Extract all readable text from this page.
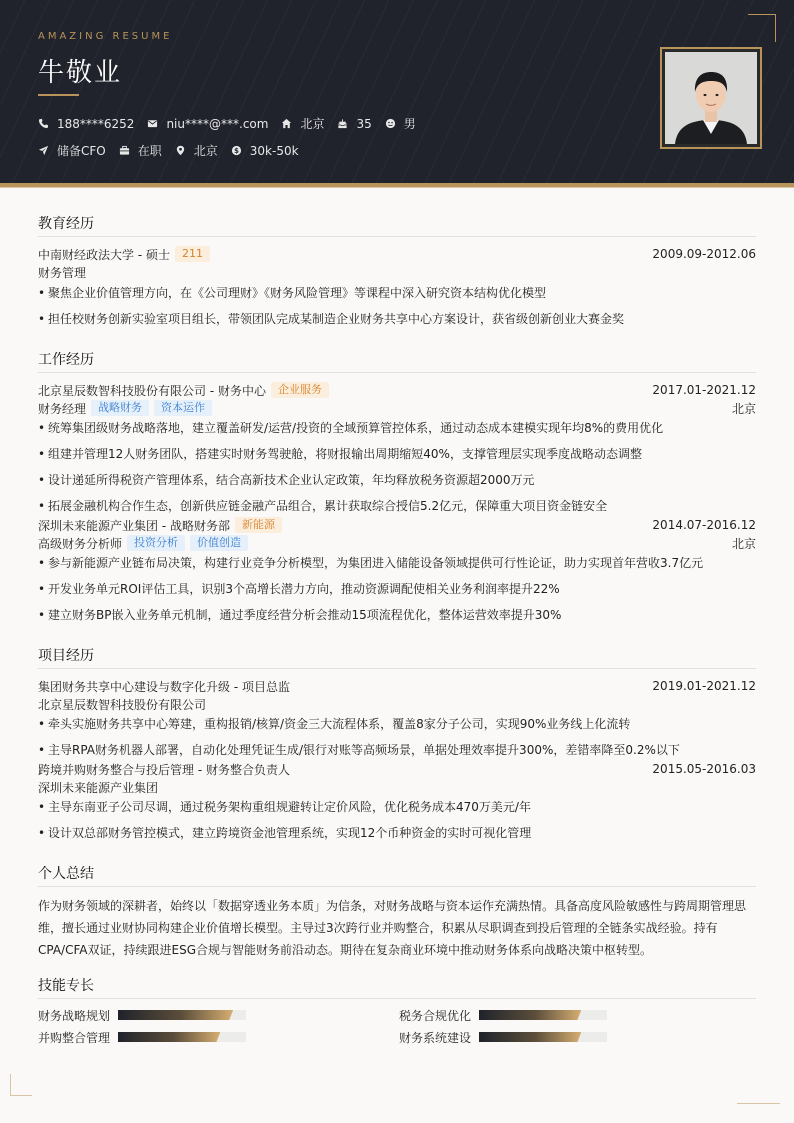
AMAZING RESUME
牛敬业
188****6252	niu****@***.com	北京	35	男
储备CFO	在职	北京 $ 30k-50k
教育经历
中南财经政法大学 - 硕士	211	2009.09-2012.06
财务管理
• 聚焦企业价值管理方向，在《公司理财》《财务风险管理》等课程中深入研究资本结构优化模型
• 担任校财务创新实验室项目组长，带领团队完成某制造企业财务共享中心方案设计，获省级创新创业大赛金奖
工作经历
北京星辰数智科技股份有限公司 - 财务中心	企业服务	2017.01-2021.12
财务经理	战略财务	资本运作	北京
• 统筹集团级财务战略落地，建立覆盖研发/运营/投资的全域预算管控体系，通过动态成本建模实现年均8%的费用优化
• 组建并管理12人财务团队，搭建实时财务驾驶舱，将财报输出周期缩短40%，支撑管理层实现季度战略动态调整
• 设计递延所得税资产管理体系，结合高新技术企业认定政策，年均释放税务资源超2000万元
• 拓展金融机构合作生态，创新供应链金融产品组合，累计获取综合授信5.2亿元，保障重大项目资金链安全
深圳未来能源产业集团 - 战略财务部	新能源	2014.07-2016.12
高级财务分析师	投资分析	价值创造	北京
• 参与新能源产业链布局决策，构建行业竞争分析模型，为集团进入储能设备领域提供可行性论证，助力实现首年营收3.7亿元
• 开发业务单元ROI评估工具，识别3个高增长潜力方向，推动资源调配使相关业务利润率提升22%
• 建立财务BP嵌入业务单元机制，通过季度经营分析会推动15项流程优化，整体运营效率提升30%
项目经历
集团财务共享中心建设与数字化升级 - 项目总监	2019.01-2021.12
北京星辰数智科技股份有限公司
• 牵头实施财务共享中心筹建，重构报销/核算/资金三大流程体系，覆盖8家分子公司，实现90%业务线上化流转
• 主导RPA财务机器人部署，自动化处理凭证生成/银行对账等高频场景，单据处理效率提升300%，差错率降至0.2%以下
跨境并购财务整合与投后管理 - 财务整合负责人	2015.05-2016.03
深圳未来能源产业集团
• 主导东南亚子公司尽调，通过税务架构重组规避转让定价风险，优化税务成本470万美元/年
• 设计双总部财务管控模式，建立跨境资金池管理系统，实现12个币种资金的实时可视化管理
个人总结

作为财务领域的深耕者，始终以「数据穿透业务本质」为信条，对财务战略与资本运作充满热情。具备高度风险敏感性与跨周期管理思维，擅长通过业财协同构建企业价值增长模型。主导过3次跨行业并购整合，积累从尽职调查到投后管理的全链条实战经验。持有CPA/CFA双证，持续跟进ESG合规与智能财务前沿动态。期待在复杂商业环境中推动财务体系向战略决策中枢转型。

技能专长
财务战略规划	税务合规优化
并购整合管理	财务系统建设
